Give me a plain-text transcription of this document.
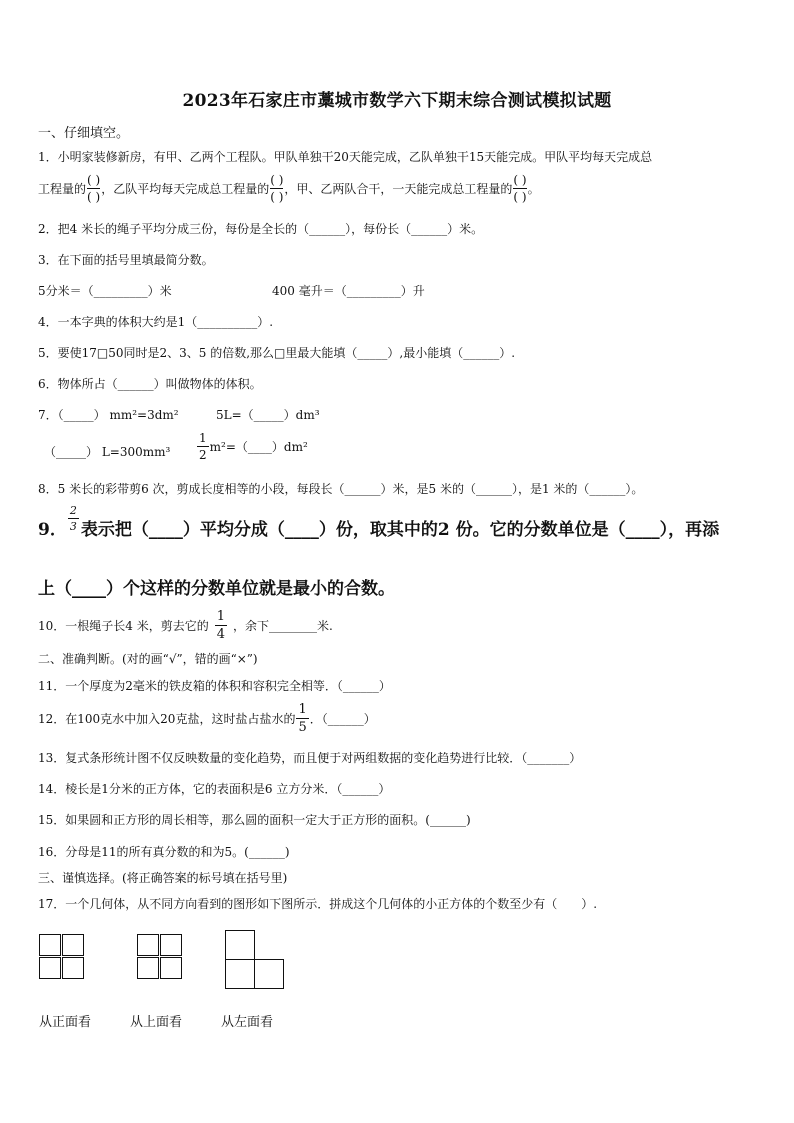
2023年石家庄市藁城市数学六下期末综合测试模拟试题
一、仔细填空。
1．小明家装修新房，有甲、乙两个工程队。甲队单独干20天能完成，乙队单独干15天能完成。甲队平均每天完成总
工程量的 $\frac{( )}{( )}$ ，乙队平均每天完成总工程量的 $\frac{( )}{( )}$ ，甲、乙两队合干，一天能完成总工程量的 $\frac{( )}{( )}$ 。
2．把4 米长的绳子平均分成三份，每份是全长的（______），每份长（______）米。
3．在下面的括号里填最简分数。
5分米＝（_________）米	400 毫升＝（_________）升
4．一本字典的体积大约是1（__________）.
5．要使17□50同时是2、3、5 的倍数,那么□里最大能填（_____）,最小能填（______）.
6．物体所占（______）叫做物体的体积。
7．（_____） mm²=3dm²	5L=（_____）dm³
（_____） $L=300mm^3 \frac{1}{2}$ m²=（____）dm²
8．5 米长的彩带剪6 次，剪成长度相等的小段，每段长（______）米，是5 米的（______），是1 米的（______）。
9． $\frac{2}{3}$ 表示把（____）平均分成（____）份，取其中的2 份。它的分数单位是（____），再添
上（____）个这样的分数单位就是最小的合数。
10．一根绳子长4 米，剪去它的 $\frac{1}{4}$ ，余下________米.
二、准确判断。(对的画“√”，错的画“×”)
11．一个厚度为2毫米的铁皮箱的体积和容积完全相等．（______）
12．在100克水中加入20克盐，这时盐占盐水的 $\frac{1}{5}$ ．（______）
13．复式条形统计图不仅反映数量的变化趋势，而且便于对两组数据的变化趋势进行比较．（_______）
14．棱长是1分米的正方体，它的表面积是6 立方分米．（______）
15．如果圆和正方形的周长相等，那么圆的面积一定大于正方形的面积。(______)
16．分母是11的所有真分数的和为5。(______)
三、谨慎选择。(将正确答案的标号填在括号里)
17．一个几何体，从不同方向看到的图形如下图所示．拼成这个几何体的小正方体的个数至少有（　　）.
从正面看	从上面看	从左面看
